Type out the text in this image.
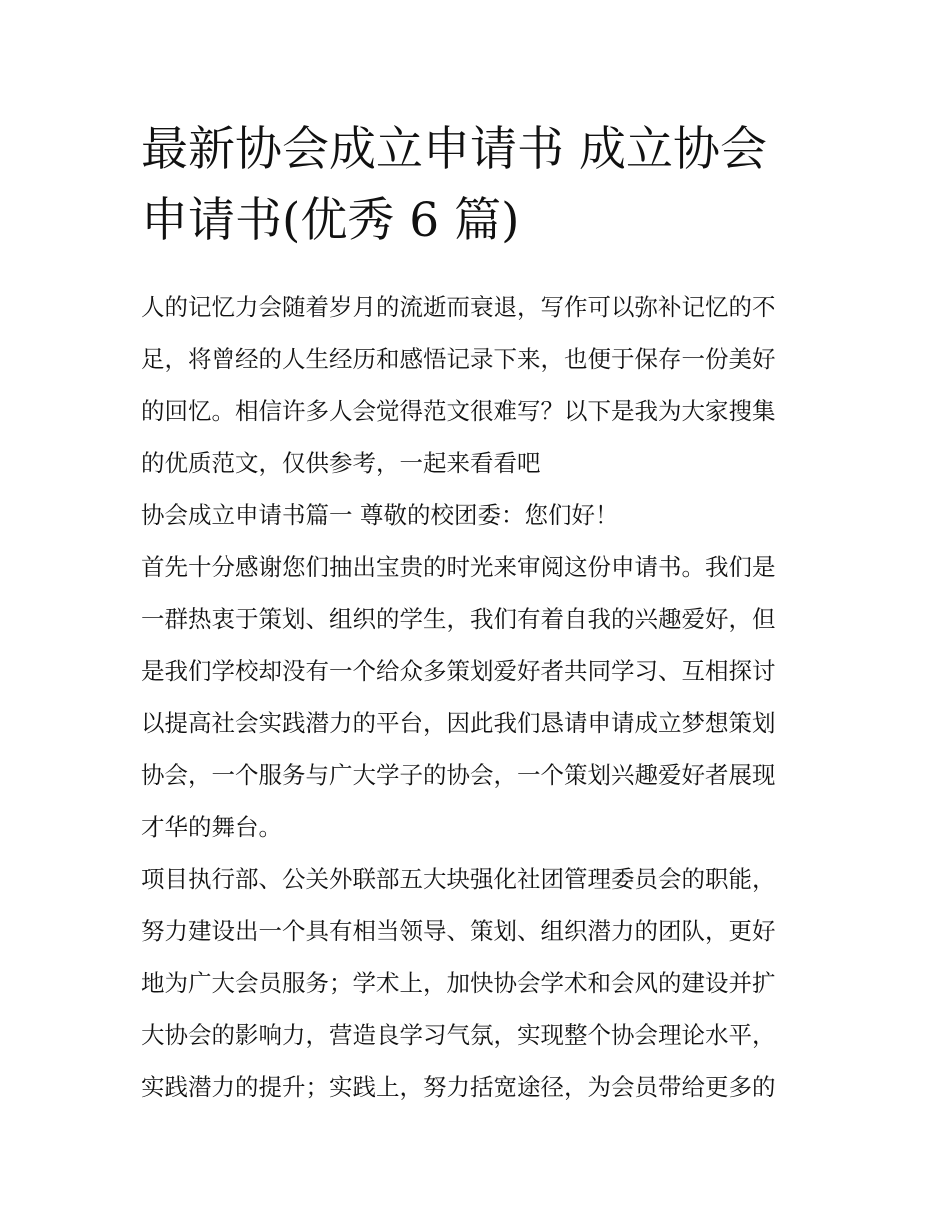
最新协会成立申请书 成立协会
申请书(优秀 6 篇)
人的记忆力会随着岁月的流逝而衰退，写作可以弥补记忆的不
足，将曾经的人生经历和感悟记录下来，也便于保存一份美好
的回忆。相信许多人会觉得范文很难写？以下是我为大家搜集
的优质范文，仅供参考，一起来看看吧
协会成立申请书篇一 尊敬的校团委：您们好！
首先十分感谢您们抽出宝贵的时光来审阅这份申请书。我们是
一群热衷于策划、组织的学生，我们有着自我的兴趣爱好，但
是我们学校却没有一个给众多策划爱好者共同学习、互相探讨
以提高社会实践潜力的平台，因此我们恳请申请成立梦想策划
协会，一个服务与广大学子的协会，一个策划兴趣爱好者展现
才华的舞台。
项目执行部、公关外联部五大块强化社团管理委员会的职能，
努力建设出一个具有相当领导、策划、组织潜力的团队，更好
地为广大会员服务；学术上，加快协会学术和会风的建设并扩
大协会的影响力，营造良学习气氛，实现整个协会理论水平，
实践潜力的提升；实践上，努力括宽途径，为会员带给更多的
